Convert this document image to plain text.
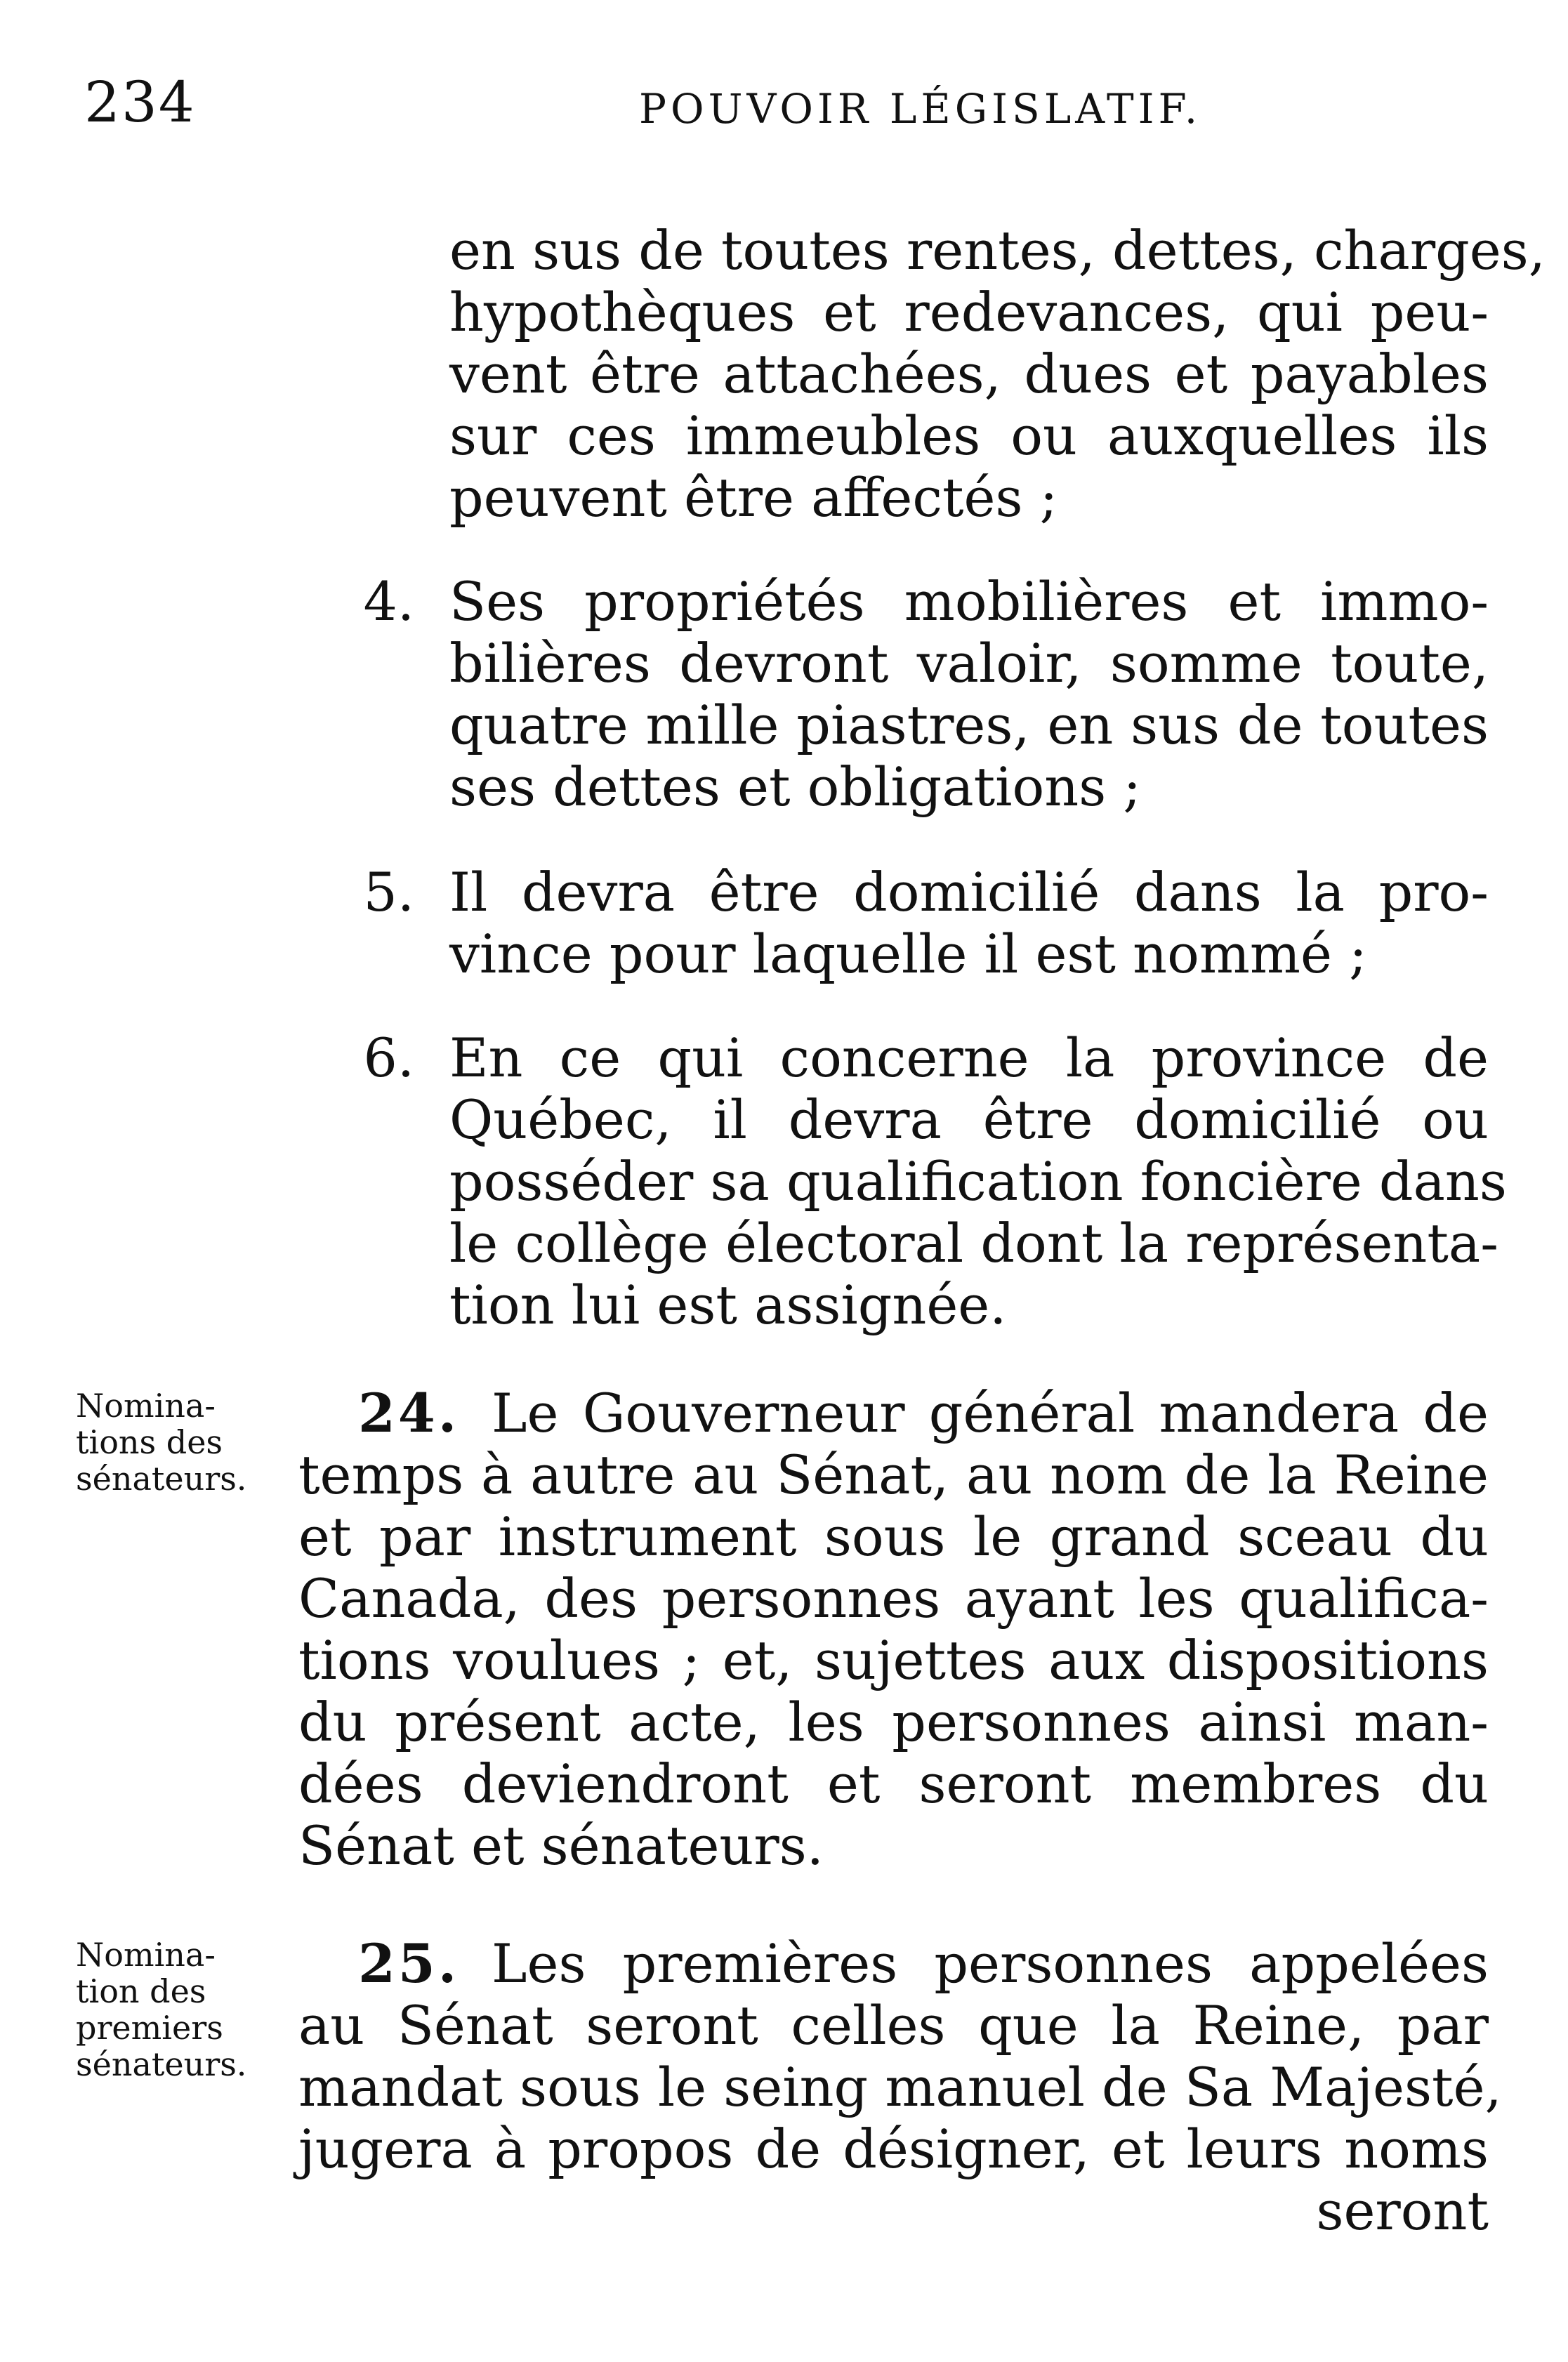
234	POUVOIR LÉGISLATIF.
en sus de toutes rentes, dettes, charges,
hypothèques et redevances, qui peu-
vent être attachées, dues et payables
sur ces immeubles ou auxquelles ils
peuvent être affectés ;
4. Ses propriétés mobilières et immo-
bilières devront valoir, somme toute,
quatre mille piastres, en sus de toutes
ses dettes et obligations ;
5. Il devra être domicilié dans la pro-
vince pour laquelle il est nommé ;
6. En ce qui concerne la province de
Québec, il devra être domicilié ou
posséder sa qualification foncière dans
le collège électoral dont la représenta-
tion lui est assignée.
Nomina-
tions des
sénateurs.
24. Le Gouverneur général mandera de
temps à autre au Sénat, au nom de la Reine
et par instrument sous le grand sceau du
Canada, des personnes ayant les qualifica-
tions voulues ; et, sujettes aux dispositions
du présent acte, les personnes ainsi man-
dées deviendront et seront membres du
Sénat et sénateurs.
Nomina-
tion des
premiers
sénateurs.
25. Les premières personnes appelées
au Sénat seront celles que la Reine, par
mandat sous le seing manuel de Sa Majesté,
jugera à propos de désigner, et leurs noms
seront
